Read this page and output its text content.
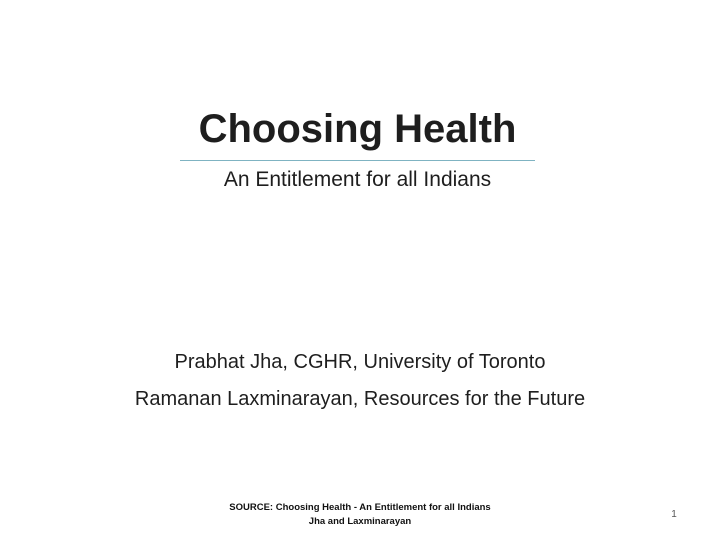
Choosing Health
An Entitlement for all Indians
Prabhat Jha, CGHR, University of Toronto
Ramanan Laxminarayan, Resources for the Future
SOURCE: Choosing Health - An Entitlement for all Indians
Jha and Laxminarayan
1
